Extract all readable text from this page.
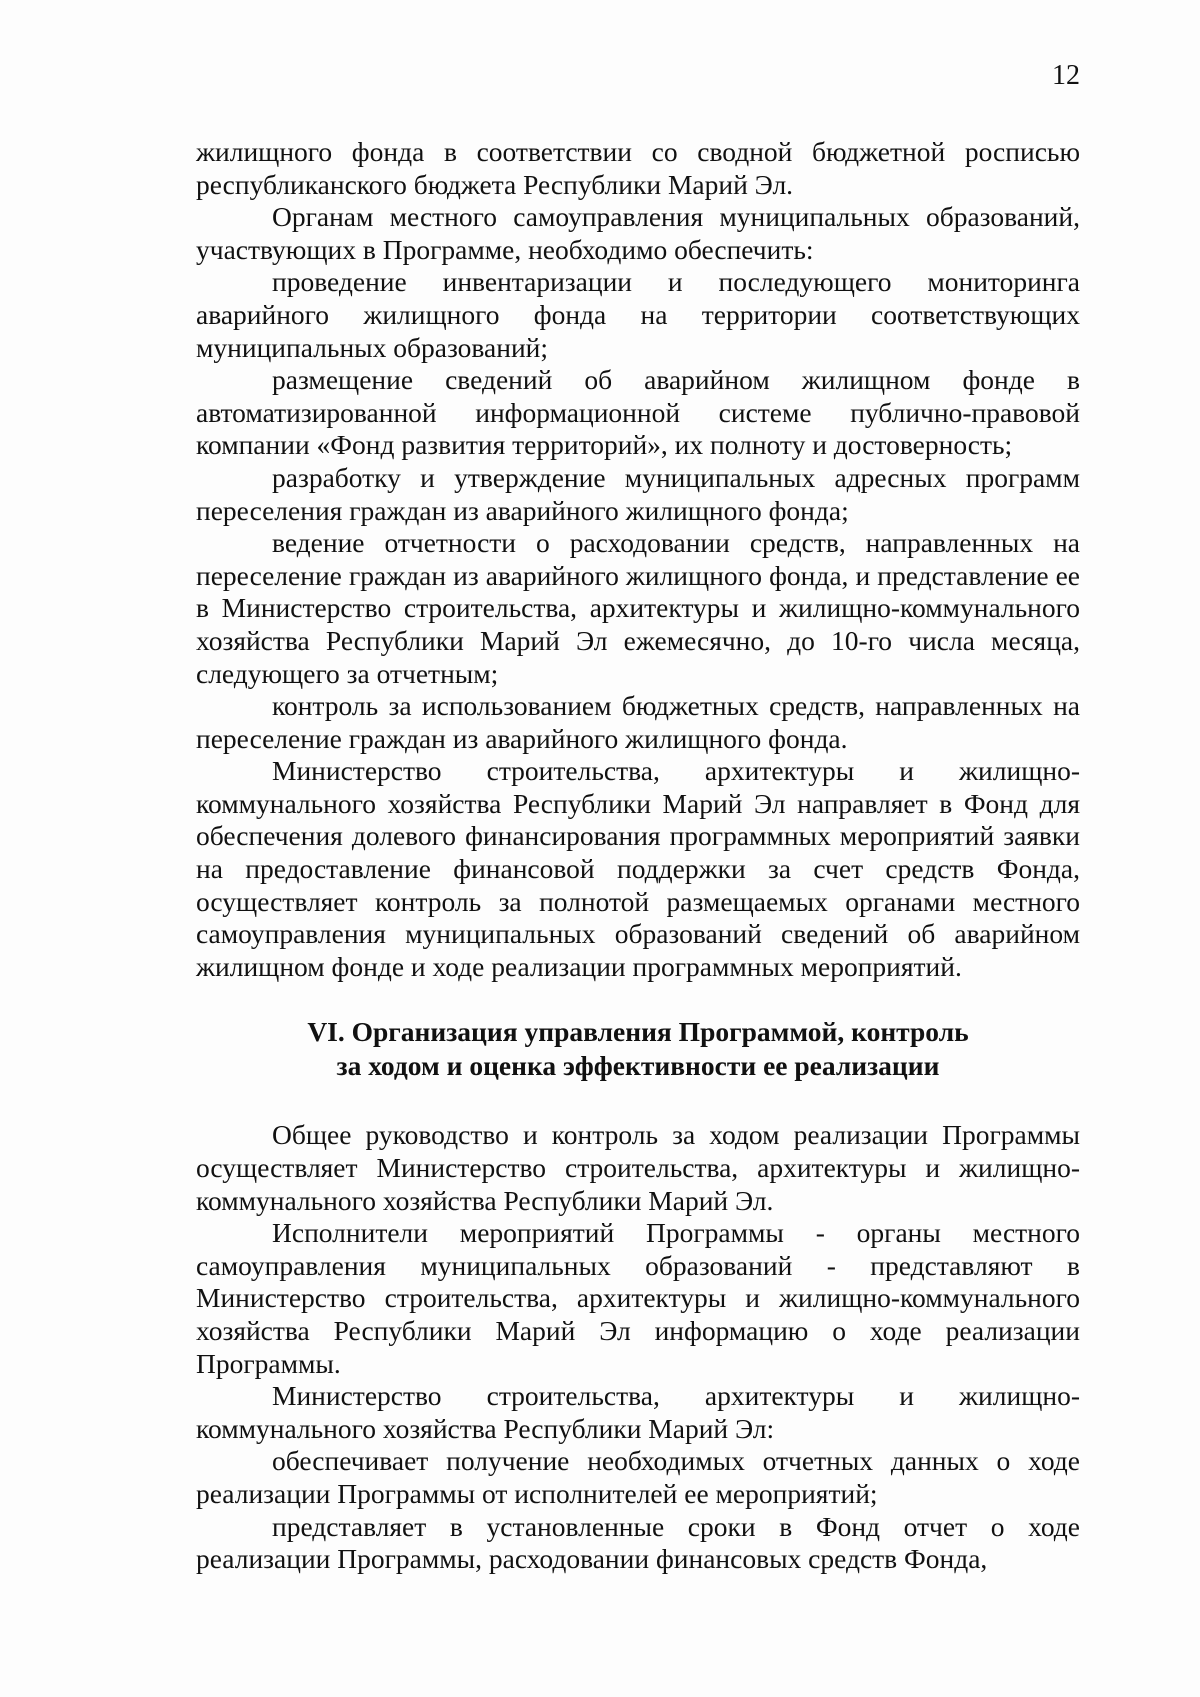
12

жилищного фонда в соответствии со сводной бюджетной росписью республиканского бюджета Республики Марий Эл.

Органам местного самоуправления муниципальных образований, участвующих в Программе, необходимо обеспечить:

проведение инвентаризации и последующего мониторинга аварийного жилищного фонда на территории соответствующих муниципальных образований;

размещение сведений об аварийном жилищном фонде в автоматизированной информационной системе публично-правовой компании «Фонд развития территорий», их полноту и достоверность;

разработку и утверждение муниципальных адресных программ переселения граждан из аварийного жилищного фонда;

ведение отчетности о расходовании средств, направленных на переселение граждан из аварийного жилищного фонда, и представление ее в Министерство строительства, архитектуры и жилищно-коммунального хозяйства Республики Марий Эл ежемесячно, до 10-го числа месяца, следующего за отчетным;

контроль за использованием бюджетных средств, направленных на переселение граждан из аварийного жилищного фонда.

Министерство строительства, архитектуры и жилищно-коммунального хозяйства Республики Марий Эл направляет в Фонд для обеспечения долевого финансирования программных мероприятий заявки на предоставление финансовой поддержки за счет средств Фонда, осуществляет контроль за полнотой размещаемых органами местного самоуправления муниципальных образований сведений об аварийном жилищном фонде и ходе реализации программных мероприятий.

VI. Организация управления Программой, контроль
за ходом и оценка эффективности ее реализации

Общее руководство и контроль за ходом реализации Программы осуществляет Министерство строительства, архитектуры и жилищно-коммунального хозяйства Республики Марий Эл.

Исполнители мероприятий Программы - органы местного самоуправления муниципальных образований - представляют в Министерство строительства, архитектуры и жилищно-коммунального хозяйства Республики Марий Эл информацию о ходе реализации Программы.

Министерство строительства, архитектуры и жилищно-коммунального хозяйства Республики Марий Эл:

обеспечивает получение необходимых отчетных данных о ходе реализации Программы от исполнителей ее мероприятий;

представляет в установленные сроки в Фонд отчет о ходе реализации Программы, расходовании финансовых средств Фонда,
